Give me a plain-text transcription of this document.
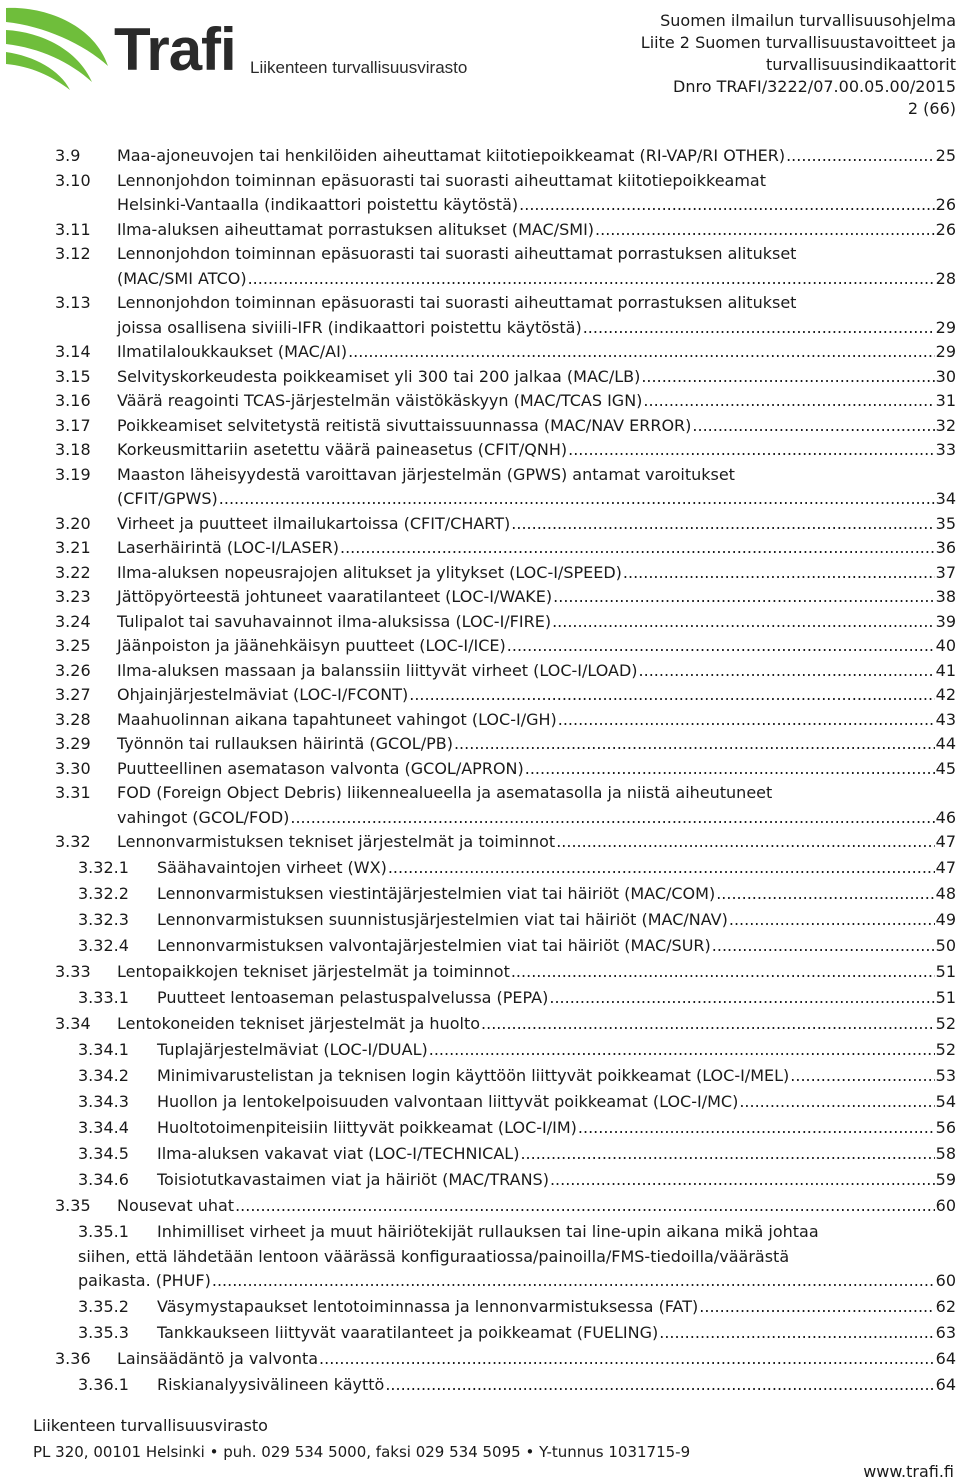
Trafi Liikenteen turvallisuusvirasto
Suomen ilmailun turvallisuusohjelma
Liite 2 Suomen turvallisuustavoitteet ja
turvallisuusindikaattorit
Dnro TRAFI/3222/07.00.05.00/2015
2 (66)
3.9 Maa-ajoneuvojen tai henkilöiden aiheuttamat kiitotiepoikkeamat (RI-VAP/RI OTHER) .....	25
3.10 Lennonjohdon toiminnan epäsuorasti tai suorasti aiheuttamat kiitotiepoikkeamat
Helsinki-Vantaalla (indikaattori poistettu käytöstä) .....	26
3.11 Ilma-aluksen aiheuttamat porrastuksen alitukset (MAC/SMI) .....	26
3.12 Lennonjohdon toiminnan epäsuorasti tai suorasti aiheuttamat porrastuksen alitukset
(MAC/SMI ATCO) .....	28
3.13 Lennonjohdon toiminnan epäsuorasti tai suorasti aiheuttamat porrastuksen alitukset
joissa osallisena siviili-IFR (indikaattori poistettu käytöstä) .....	29
3.14 Ilmatilaloukkaukset (MAC/AI) .....	29
3.15 Selvityskorkeudesta poikkeamiset yli 300 tai 200 jalkaa (MAC/LB) .....	30
3.16 Väärä reagointi TCAS-järjestelmän väistökäskyyn (MAC/TCAS IGN) .....	31
3.17 Poikkeamiset selvitetystä reitistä sivuttaissuunnassa (MAC/NAV ERROR) .....	32
3.18 Korkeusmittariin asetettu väärä paineasetus (CFIT/QNH) .....	33
3.19 Maaston läheisyydestä varoittavan järjestelmän (GPWS) antamat varoitukset
(CFIT/GPWS) .....	34
3.20 Virheet ja puutteet ilmailukartoissa (CFIT/CHART) .....	35
3.21 Laserhäirintä (LOC-I/LASER) .....	36
3.22 Ilma-aluksen nopeusrajojen alitukset ja ylitykset (LOC-I/SPEED) .....	37
3.23 Jättöpyörteestä johtuneet vaaratilanteet (LOC-I/WAKE) .....	38
3.24 Tulipalot tai savuhavainnot ilma-aluksissa (LOC-I/FIRE) .....	39
3.25 Jäänpoiston ja jäänehkäisyn puutteet (LOC-I/ICE) .....	40
3.26 Ilma-aluksen massaan ja balanssiin liittyvät virheet (LOC-I/LOAD) .....	41
3.27 Ohjainjärjestelmäviat (LOC-I/FCONT) .....	42
3.28 Maahuolinnan aikana tapahtuneet vahingot (LOC-I/GH) .....	43
3.29 Työnnön tai rullauksen häirintä (GCOL/PB) .....	44
3.30 Puutteellinen asematason valvonta (GCOL/APRON) .....	45
3.31 FOD (Foreign Object Debris) liikennealueella ja asematasolla ja niistä aiheutuneet
vahingot (GCOL/FOD) .....	46
3.32 Lennonvarmistuksen tekniset järjestelmät ja toiminnot .....	47
3.32.1 Säähavaintojen virheet (WX) .....	47
3.32.2 Lennonvarmistuksen viestintäjärjestelmien viat tai häiriöt (MAC/COM) .....	48
3.32.3 Lennonvarmistuksen suunnistusjärjestelmien viat tai häiriöt (MAC/NAV) .....	49
3.32.4 Lennonvarmistuksen valvontajärjestelmien viat tai häiriöt (MAC/SUR) .....	50
3.33 Lentopaikkojen tekniset järjestelmät ja toiminnot .....	51
3.33.1 Puutteet lentoaseman pelastuspalvelussa (PEPA) .....	51
3.34 Lentokoneiden tekniset järjestelmät ja huolto .....	52
3.34.1 Tuplajärjestelmäviat (LOC-I/DUAL) .....	52
3.34.2 Minimivarustelistan ja teknisen login käyttöön liittyvät poikkeamat (LOC-I/MEL) .....	53
3.34.3 Huollon ja lentokelpoisuuden valvontaan liittyvät poikkeamat (LOC-I/MC) .....	54
3.34.4 Huoltotoimenpiteisiin liittyvät poikkeamat (LOC-I/IM) .....	56
3.34.5 Ilma-aluksen vakavat viat (LOC-I/TECHNICAL) .....	58
3.34.6 Toisiotutkavastaimen viat ja häiriöt (MAC/TRANS) .....	59
3.35 Nousevat uhat .....	60
3.35.1 Inhimilliset virheet ja muut häiriötekijät rullauksen tai line-upin aikana mikä johtaa
siihen, että lähdetään lentoon väärässä konfiguraatiossa/painoilla/FMS-tiedoilla/väärästä
paikasta. (PHUF) .....	60
3.35.2 Väsymystapaukset lentotoiminnassa ja lennonvarmistuksessa (FAT) .....	62
3.35.3 Tankkaukseen liittyvät vaaratilanteet ja poikkeamat (FUELING) .....	63
3.36 Lainsäädäntö ja valvonta .....	64
3.36.1 Riskianalyysivälineen käyttö .....	64
Liikenteen turvallisuusvirasto
PL 320, 00101 Helsinki • puh. 029 534 5000, faksi 029 534 5095 • Y-tunnus 1031715-9
www.trafi.fi
